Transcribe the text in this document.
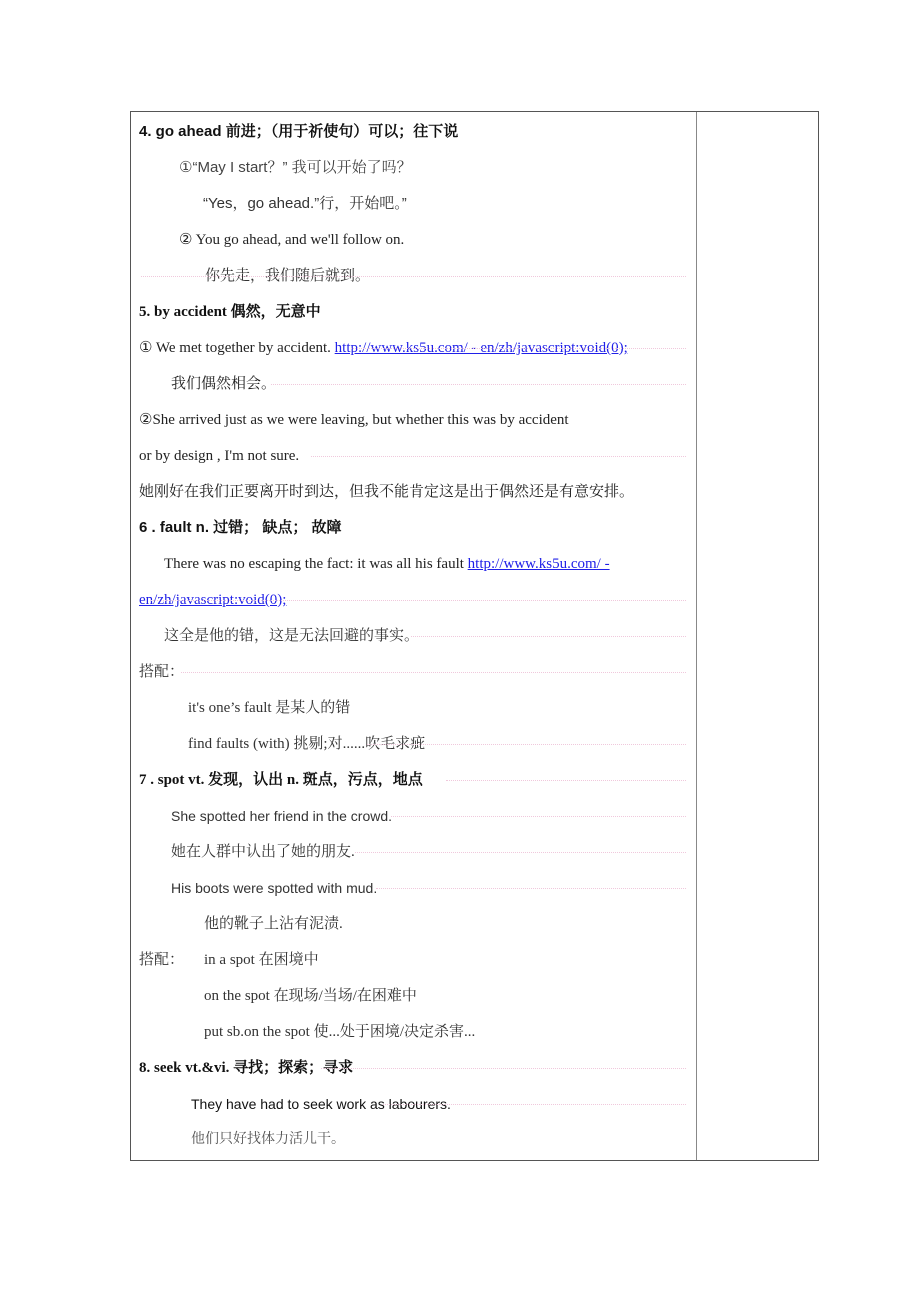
4. go ahead 前进；（用于祈使句）可以；往下说
①“May I start？” 我可以开始了吗？
“Yes，go ahead.”行，开始吧。”
② You go ahead, and we'll follow on.
你先走，我们随后就到。
5. by accident 偶然，无意中
① We met together by accident. http://www.ks5u.com/ - en/zh/javascript:void(0);
我们偶然相会。
②She arrived just as we were leaving, but whether this was by accident
or by design , I'm not sure.
她刚好在我们正要离开时到达，但我不能肯定这是出于偶然还是有意安排。
6 . fault n. 过错； 缺点； 故障
There was no escaping the fact: it was all his fault http://www.ks5u.com/ -
en/zh/javascript:void(0);
这全是他的错，这是无法回避的事实。
搭配：
it's one’s fault 是某人的错
find faults (with) 挑剔;对......吹毛求疵
7 . spot vt. 发现，认出 n. 斑点，污点，地点
She spotted her friend in the crowd.
她在人群中认出了她的朋友.
His boots were spotted with mud.
他的靴子上沾有泥渍.
搭配： in a spot 在困境中
on the spot 在现场/当场/在困难中
put sb.on the spot 使...处于困境/决定杀害...
8. seek vt.&vi. 寻找；探索；寻求
They have had to seek work as labourers.
他们只好找体力活儿干。
